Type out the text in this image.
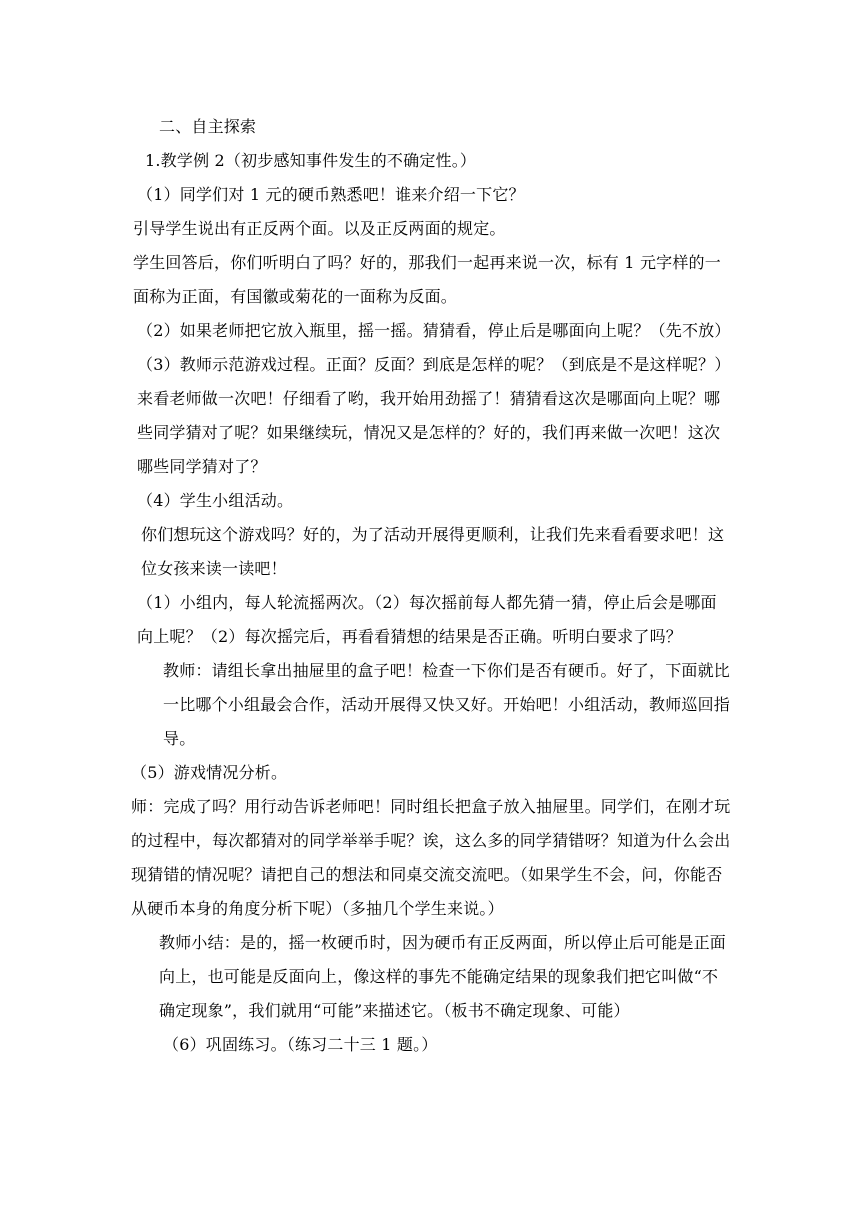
二、自主探索

1.教学例 2（初步感知事件发生的不确定性。）

（1）同学们对 1 元的硬币熟悉吧！谁来介绍一下它？

引导学生说出有正反两个面。以及正反两面的规定。

学生回答后，你们听明白了吗？好的，那我们一起再来说一次，标有 1 元字样的一面称为正面，有国徽或菊花的一面称为反面。

（2）如果老师把它放入瓶里，摇一摇。猜猜看，停止后是哪面向上呢？（先不放）

（3）教师示范游戏过程。正面？反面？到底是怎样的呢？（到底是不是这样呢？）来看老师做一次吧！仔细看了哟，我开始用劲摇了！猜猜看这次是哪面向上呢？哪些同学猜对了呢？如果继续玩，情况又是怎样的？好的，我们再来做一次吧！这次哪些同学猜对了？

（4）学生小组活动。

你们想玩这个游戏吗？好的，为了活动开展得更顺利，让我们先来看看要求吧！这位女孩来读一读吧！

（1）小组内，每人轮流摇两次。（2）每次摇前每人都先猜一猜，停止后会是哪面向上呢？（2）每次摇完后，再看看猜想的结果是否正确。听明白要求了吗？

教师：请组长拿出抽屉里的盒子吧！检查一下你们是否有硬币。好了，下面就比一比哪个小组最会合作，活动开展得又快又好。开始吧！小组活动，教师巡回指导。

（5）游戏情况分析。

师：完成了吗？用行动告诉老师吧！同时组长把盒子放入抽屉里。同学们，在刚才玩的过程中，每次都猜对的同学举举手呢？诶，这么多的同学猜错呀？知道为什么会出现猜错的情况呢？请把自己的想法和同桌交流交流吧。（如果学生不会，问，你能否从硬币本身的角度分析下呢）（多抽几个学生来说。）

教师小结：是的，摇一枚硬币时，因为硬币有正反两面，所以停止后可能是正面向上，也可能是反面向上，像这样的事先不能确定结果的现象我们把它叫做“不确定现象”，我们就用“可能”来描述它。（板书不确定现象、可能）

（6）巩固练习。（练习二十三 1 题。）
